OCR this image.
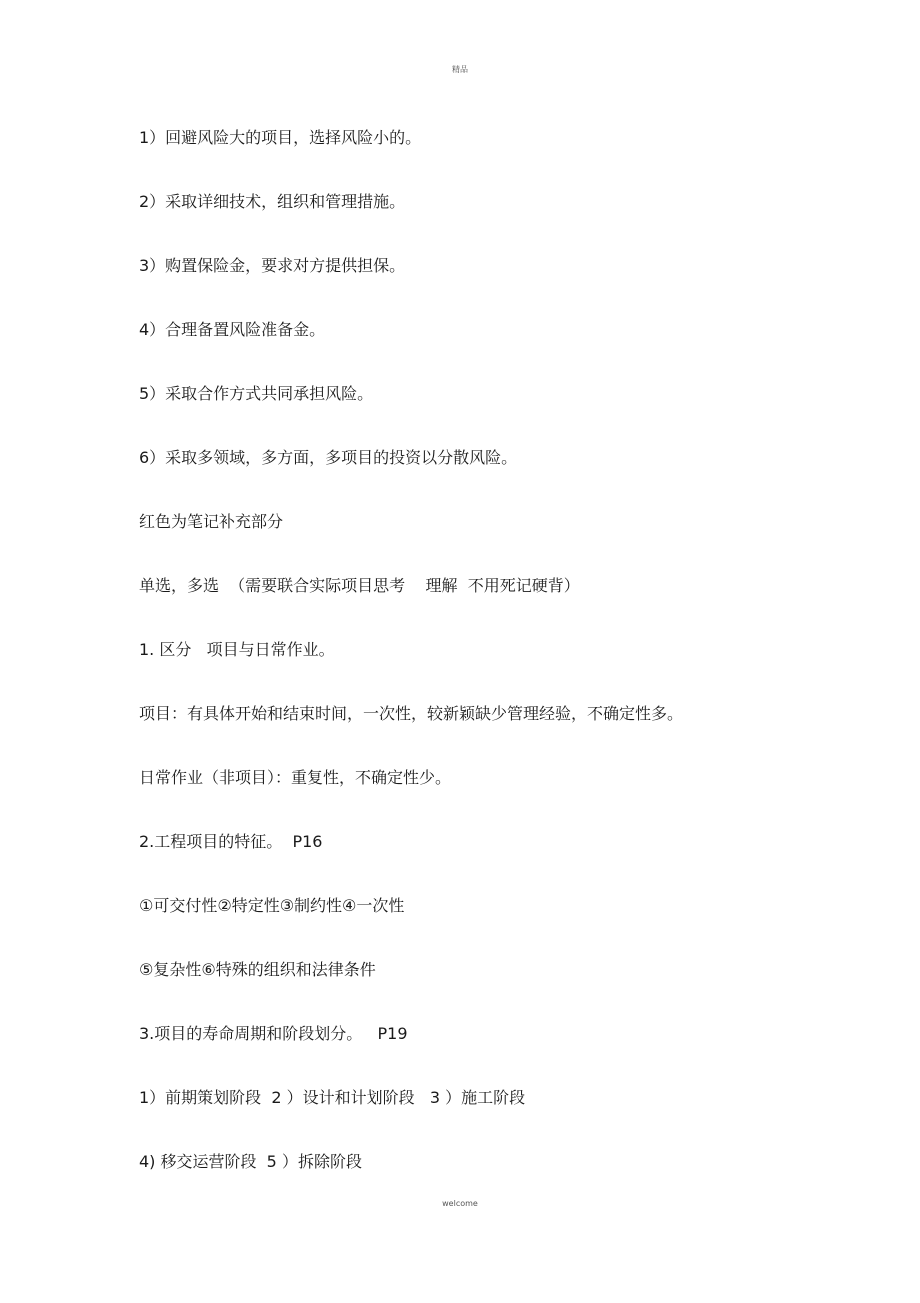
精品
1）回避风险大的项目，选择风险小的。
2）采取详细技术，组织和管理措施。
3）购置保险金，要求对方提供担保。
4）合理备置风险准备金。
5）采取合作方式共同承担风险。
6）采取多领域，多方面，多项目的投资以分散风险。
红色为笔记补充部分
单选，多选  （需要联合实际项目思考    理解  不用死记硬背）
1. 区分   项目与日常作业。
项目：有具体开始和结束时间，一次性，较新颖缺少管理经验，不确定性多。
日常作业（非项目）：重复性，不确定性少。
2.工程项目的特征。  P16
①可交付性②特定性③制约性④一次性
⑤复杂性⑥特殊的组织和法律条件
3.项目的寿命周期和阶段划分。   P19
1）前期策划阶段  2 ）设计和计划阶段   3 ）施工阶段
4) 移交运营阶段  5 ）拆除阶段
welcome
